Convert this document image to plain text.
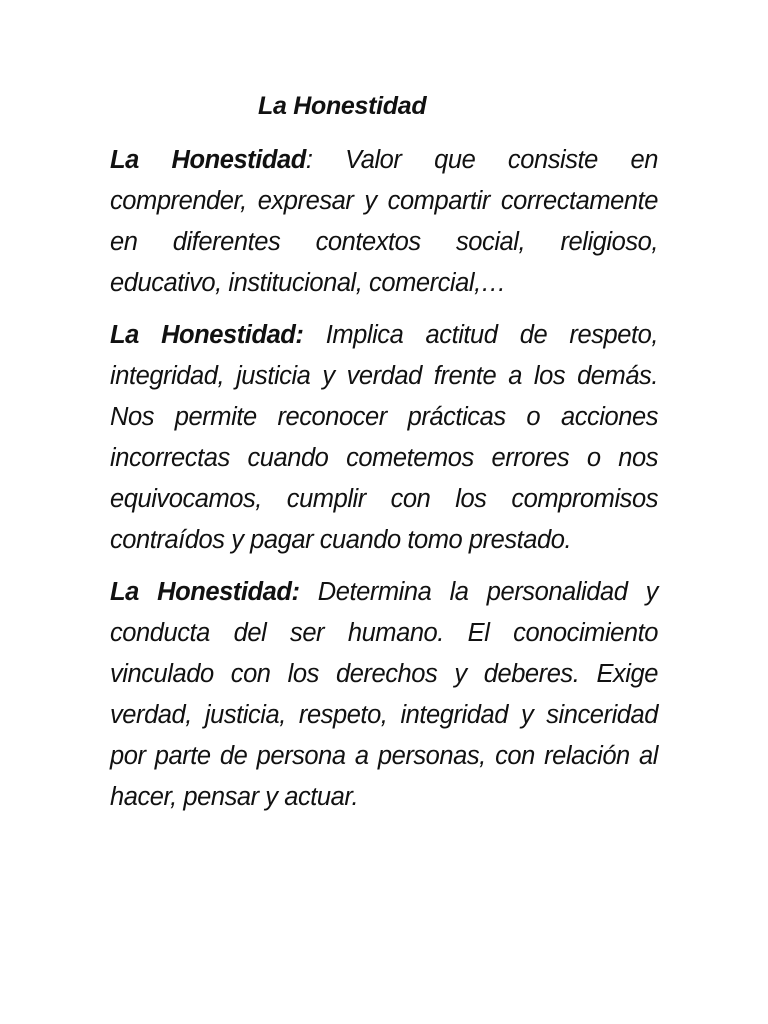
La Honestidad

La Honestidad: Valor que consiste en comprender, expresar y compartir correctamente en diferentes contextos social, religioso, educativo, institucional, comercial,…

La Honestidad: Implica actitud de respeto, integridad, justicia y verdad frente a los demás. Nos permite reconocer prácticas o acciones incorrectas cuando cometemos errores o nos equivocamos, cumplir con los compromisos contraídos y pagar cuando tomo prestado.

La Honestidad: Determina la personalidad y conducta del ser humano. El conocimiento vinculado con los derechos y deberes. Exige verdad, justicia, respeto, integridad y sinceridad por parte de persona a personas, con relación al hacer, pensar y actuar.
